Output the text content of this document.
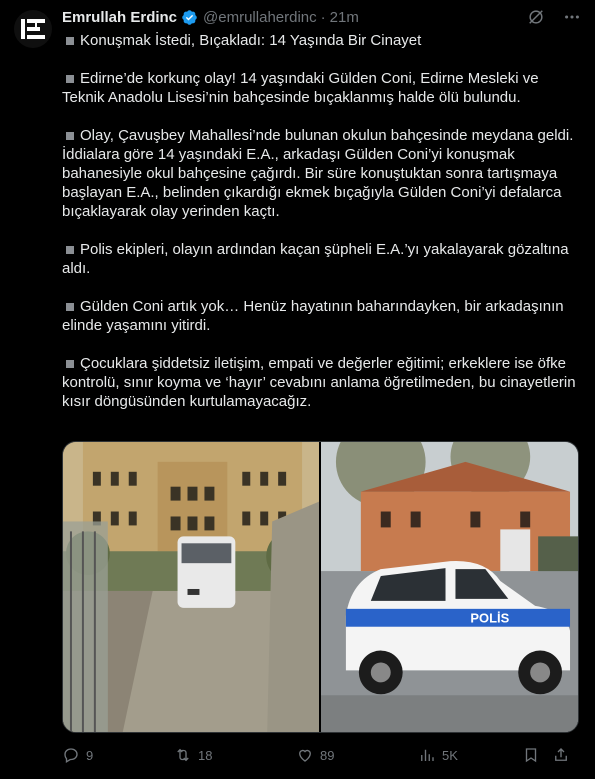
Emrullah Erdinc @emrullaherdinc · 21m

Konuşmak İstedi, Bıçakladı: 14 Yaşında Bir Cinayet

Edirne’de korkunç olay! 14 yaşındaki Gülden Coni, Edirne Mesleki ve Teknik Anadolu Lisesi’nin bahçesinde bıçaklanmış halde ölü bulundu.

Olay, Çavuşbey Mahallesi’nde bulunan okulun bahçesinde meydana geldi. İddialara göre 14 yaşındaki E.A., arkadaşı Gülden Coni’yi konuşmak bahanesiyle okul bahçesine çağırdı. Bir süre konuştuktan sonra tartışmaya başlayan E.A., belinden çıkardığı ekmek bıçağıyla Gülden Coni’yi defalarca bıçaklayarak olay yerinden kaçtı.

Polis ekipleri, olayın ardından kaçan şüpheli E.A.’yı yakalayarak gözaltına aldı.

Gülden Coni artık yok… Henüz hayatının baharındayken, bir arkadaşının elinde yaşamını yitirdi.

Çocuklara şiddetsiz iletişim, empati ve değerler eğitimi; erkeklere ise öfke kontrolü, sınır koyma ve ‘hayır’ cevabını anlama öğretilmeden, bu cinayetlerin kısır döngüsünden kurtulamayacağız.

POLİS
9	18	89	5K
